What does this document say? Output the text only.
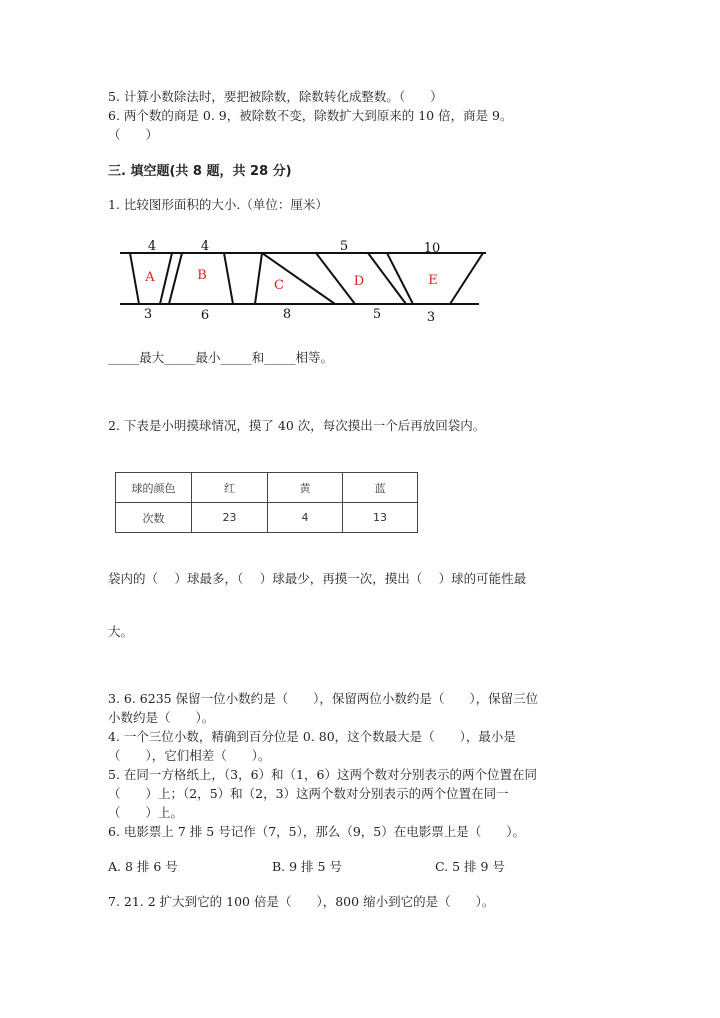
5. 计算小数除法时，要把被除数，除数转化成整数。（　　）
6. 两个数的商是 0. 9，被除数不变，除数扩大到原来的 10 倍，商是 9。
（　　）
三. 填空题(共 8 题，共 28 分)
1. 比较图形面积的大小.（单位：厘米）
4	4	5	10
3	6	8	5	3
A	B
C	D	E
_____最大_____最小_____和_____相等。
2. 下表是小明摸球情况，摸了 40 次，每次摸出一个后再放回袋内。
球的颜色	红	黄	蓝
次数	23	4	13
袋内的（　 ）球最多，（　 ）球最少，再摸一次，摸出（　 ）球的可能性最
大。
3. 6. 6235 保留一位小数约是（　　），保留两位小数约是（　　），保留三位
小数约是（　　）。
4. 一个三位小数，精确到百分位是 0. 80，这个数最大是（　　），最小是
（　　），它们相差（　　）。
5. 在同一方格纸上，（3，6）和（1，6）这两个数对分别表示的两个位置在同
（　　）上；（2，5）和（2，3）这两个数对分别表示的两个位置在同一
（　　）上。
6. 电影票上 7 排 5 号记作（7，5），那么（9，5）在电影票上是（　　）。
A. 8 排 6 号	B. 9 排 5 号	C. 5 排 9 号
7. 21. 2 扩大到它的 100 倍是（　　），800 缩小到它的是（　　）。
